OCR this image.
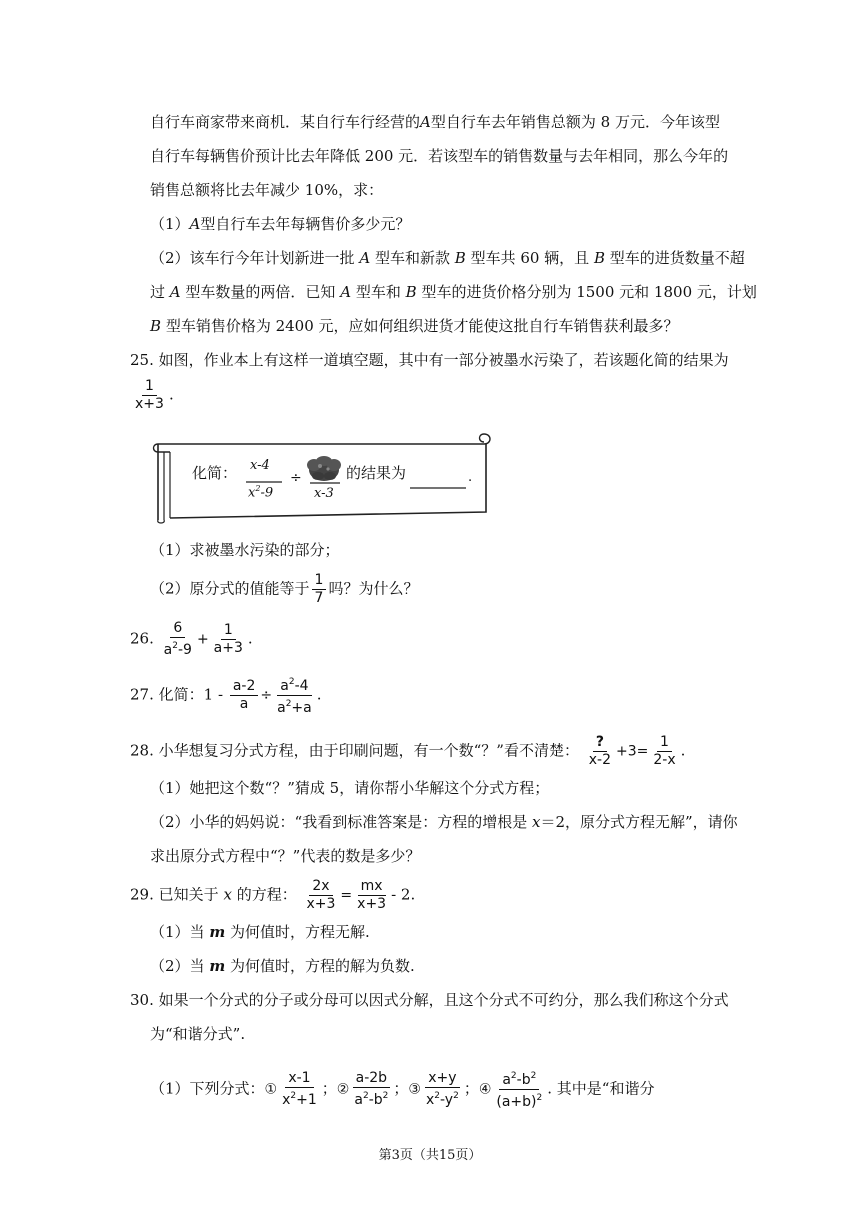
自行车商家带来商机．某自行车行经营的A型自行车去年销售总额为 8 万元．今年该型
自行车每辆售价预计比去年降低 200 元．若该型车的销售数量与去年相同，那么今年的
销售总额将比去年减少 10%，求：
（1）A型自行车去年每辆售价多少元？
（2）该车行今年计划新进一批 A 型车和新款 B 型车共 60 辆，且 B 型车的进货数量不超
过 A 型车数量的两倍．已知 A 型车和 B 型车的进货价格分别为 1500 元和 1800 元，计划
B 型车销售价格为 2400 元，应如何组织进货才能使这批自行车销售获利最多？
25. 如图，作业本上有这样一道填空题，其中有一部分被墨水污染了，若该题化简的结果为
$\frac{1}{x+3}$ .
化简： x-4
$x^2-9$
÷
x-3
的结果为	.
（1）求被墨水污染的部分；
（2）原分式的值能等于 $\frac{1}{7}$ 吗？为什么？
26. $\frac{6}{a^2-9} + \frac{1}{a+3}$ .
27. 化简：$1 - \frac{a-2}{a} \div \frac{a^2-4}{a^2+a}$ .
28. 小华想复习分式方程，由于印刷问题，有一个数“？”看不清楚： $\frac{?}{x-2} +3= \frac{1}{2-x}$ .
（1）她把这个数“？”猜成 5，请你帮小华解这个分式方程；
（2）小华的妈妈说：“我看到标准答案是：方程的增根是 x＝2，原分式方程无解”，请你
求出原分式方程中“？”代表的数是多少？
29. 已知关于 x 的方程： $\frac{2x}{x+3} = \frac{mx}{x+3} - 2$.
（1）当 m 为何值时，方程无解.
（2）当 m 为何值时，方程的解为负数.
30. 如果一个分式的分子或分母可以因式分解，且这个分式不可约分，那么我们称这个分式
为“和谐分式”.
（1）下列分式：① $\frac{x-1}{x^2+1}$ ；② $\frac{a-2b}{a^2-b^2}$ ；③ $\frac{x+y}{x^2-y^2}$ ；④ $\frac{a^2-b^2}{(a+b)^2}$ . 其中是“和谐分
第3页（共15页）
